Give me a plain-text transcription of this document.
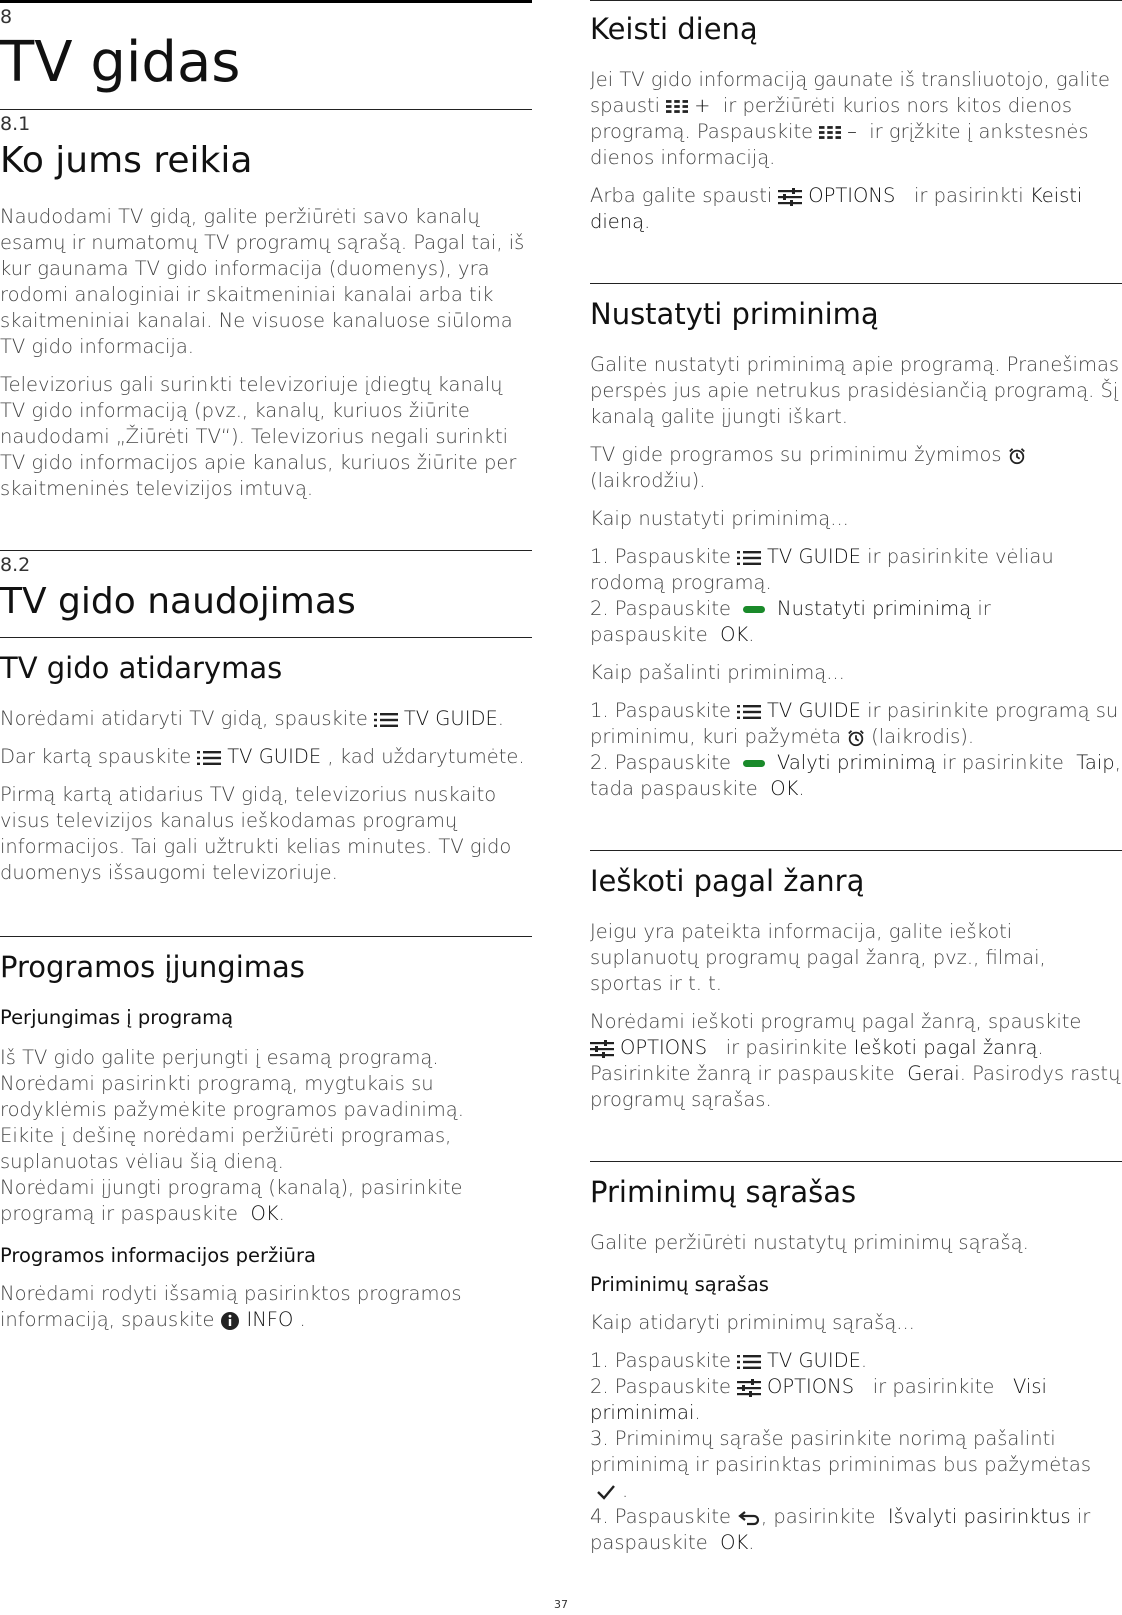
8
TV gidas
8.1
Ko jums reikia

Naudodami TV gidą, galite peržiūrėti savo kanalų esamų ir numatomų TV programų sąrašą. Pagal tai, iš kur gaunama TV gido informacija (duomenys), yra rodomi analoginiai ir skaitmeniniai kanalai arba tik skaitmeniniai kanalai. Ne visuose kanaluose siūloma TV gido informacija.

Televizorius gali surinkti televizoriuje įdiegtų kanalų TV gido informaciją (pvz., kanalų, kuriuos žiūrite naudodami „Žiūrėti TV“). Televizorius negali surinkti TV gido informacijos apie kanalus, kuriuos žiūrite per skaitmeninės televizijos imtuvą.

8.2
TV gido naudojimas
TV gido atidarymas

Norėdami atidaryti TV gidą, spauskite TV GUIDE.

Dar kartą spauskite TV GUIDE , kad uždarytumėte.

Pirmą kartą atidarius TV gidą, televizorius nuskaito visus televizijos kanalus ieškodamas programų informacijos. Tai gali užtrukti kelias minutes. TV gido duomenys išsaugomi televizoriuje.

Programos įjungimas
Perjungimas į programą

Iš TV gido galite perjungti į esamą programą.
Norėdami pasirinkti programą, mygtukais su rodyklėmis pažymėkite programos pavadinimą.
Eikite į dešinę norėdami peržiūrėti programas, suplanuotas vėliau šią dieną.
Norėdami įjungti programą (kanalą), pasirinkite programą ir paspauskite OK.

Programos informacijos peržiūra

Norėdami rodyti išsamią pasirinktos programos informaciją, spauskite INFO .

Keisti dieną

Jei TV gido informaciją gaunate iš transliuotojo, galite spausti + ir peržiūrėti kurios nors kitos dienos programą. Paspauskite – ir grįžkite į ankstesnės dienos informaciją.

Arba galite spausti OPTIONS ir pasirinkti Keisti dieną.

Nustatyti priminimą

Galite nustatyti priminimą apie programą. Pranešimas perspės jus apie netrukus prasidėsiančią programą. Šį kanalą galite įjungti iškart.

TV gide programos su priminimu žymimos(laikrodžiu).

Kaip nustatyti priminimą...

1. Paspauskite TV GUIDE ir pasirinkite vėliau rodomą programą.
2. Paspauskite Nustatyti priminimą ir paspauskite OK.

Kaip pašalinti priminimą...

1. Paspauskite TV GUIDE ir pasirinkite programą su priminimu, kuri pažymėta (laikrodis).
2. Paspauskite Valyti priminimą ir pasirinkite Taip, tada paspauskite OK.

Ieškoti pagal žanrą

Jeigu yra pateikta informacija, galite ieškoti suplanuotų programų pagal žanrą, pvz., filmai, sportas ir t. t.

Norėdami ieškoti programų pagal žanrą, spauskite
OPTIONS ir pasirinkite Ieškoti pagal žanrą.
Pasirinkite žanrą ir paspauskite Gerai. Pasirodys rastų programų sąrašas.

Priminimų sąrašas

Galite peržiūrėti nustatytų priminimų sąrašą.

Priminimų sąrašas

Kaip atidaryti priminimų sąrašą...

1. Paspauskite TV GUIDE.
2. Paspauskite OPTIONS ir pasirinkite Visi priminimai.
3. Priminimų sąraše pasirinkite norimą pašalinti priminimą ir pasirinktas priminimas bus pažymėtas.
4. Paspauskite , pasirinkite Išvalyti pasirinktus ir paspauskite OK.

37
